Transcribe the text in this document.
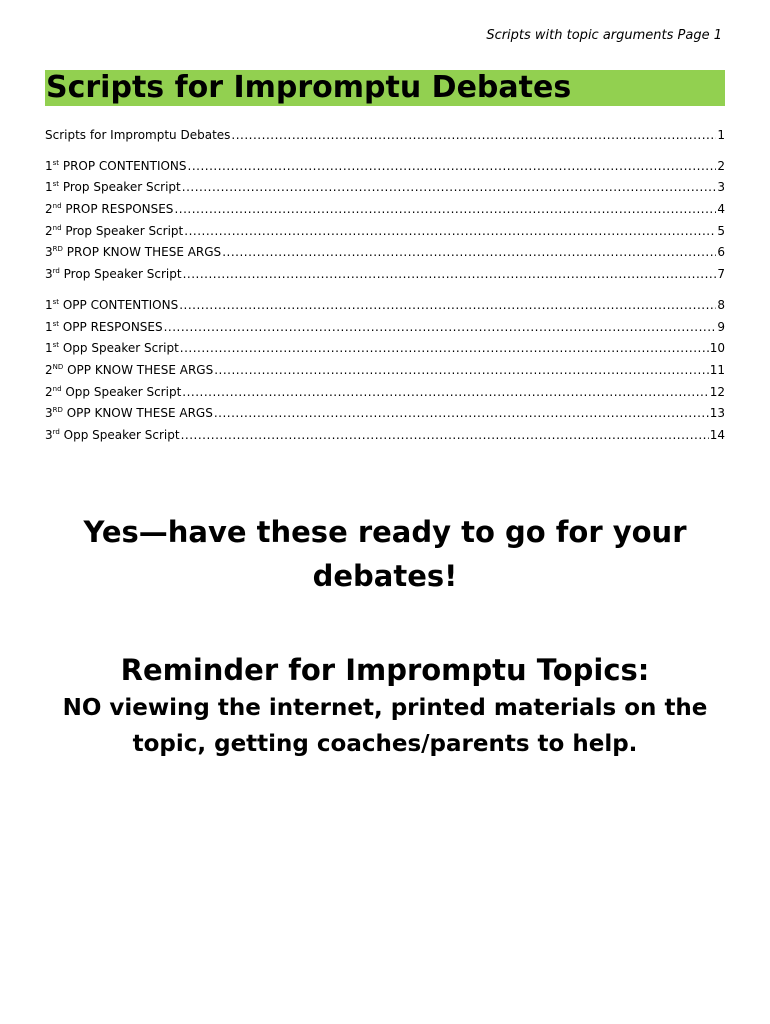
Scripts with topic arguments Page 1
Scripts for Impromptu Debates
Scripts for Impromptu Debates .....	1
1st PROP CONTENTIONS .....	2
1st Prop Speaker Script .....	3
2nd PROP RESPONSES .....	4
2nd Prop Speaker Script .....	5
3RD PROP KNOW THESE ARGS .....	6
3rd Prop Speaker Script .....	7
1st OPP CONTENTIONS .....	8
1st OPP RESPONSES .....	9
1st Opp Speaker Script .....	10
2ND OPP KNOW THESE ARGS .....	11
2nd Opp Speaker Script .....	12
3RD OPP KNOW THESE ARGS .....	13
3rd Opp Speaker Script .....	14
Yes—have these ready to go for your debates!
Reminder for Impromptu Topics:
NO viewing the internet, printed materials on the topic, getting coaches/parents to help.
